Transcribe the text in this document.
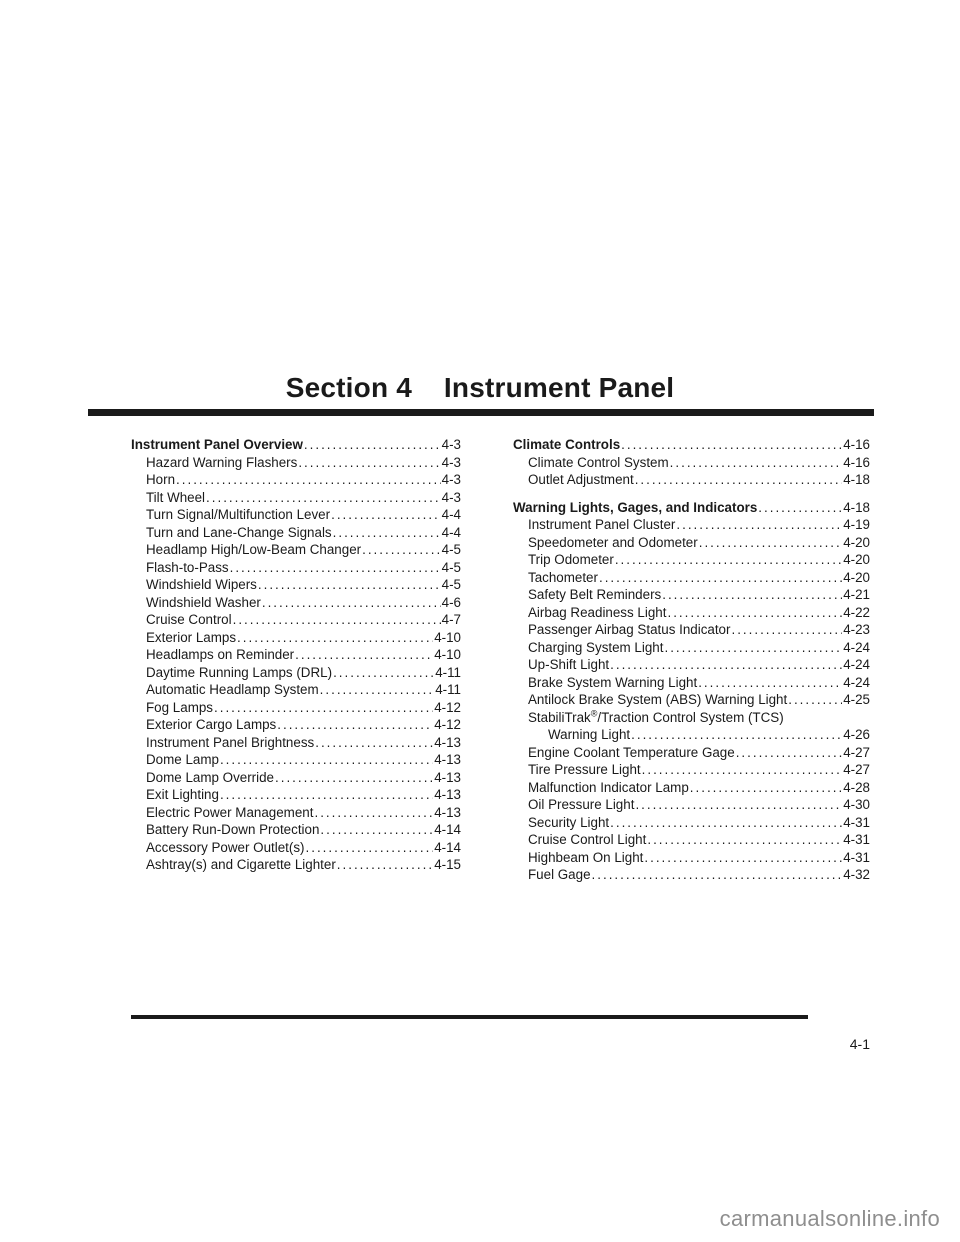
Section 4    Instrument Panel
Instrument Panel Overview .....	4-3
Hazard Warning Flashers .....	4-3
Horn .....	4-3
Tilt Wheel .....	4-3
Turn Signal/Multifunction Lever .....	4-4
Turn and Lane-Change Signals .....	4-4
Headlamp High/Low-Beam Changer .....	4-5
Flash-to-Pass .....	4-5
Windshield Wipers .....	4-5
Windshield Washer .....	4-6
Cruise Control .....	4-7
Exterior Lamps .....	4-10
Headlamps on Reminder .....	4-10
Daytime Running Lamps (DRL) .....	4-11
Automatic Headlamp System .....	4-11
Fog Lamps .....	4-12
Exterior Cargo Lamps .....	4-12
Instrument Panel Brightness .....	4-13
Dome Lamp .....	4-13
Dome Lamp Override .....	4-13
Exit Lighting .....	4-13
Electric Power Management .....	4-13
Battery Run-Down Protection .....	4-14
Accessory Power Outlet(s) .....	4-14
Ashtray(s) and Cigarette Lighter .....	4-15
Climate Controls .....	4-16
Climate Control System .....	4-16
Outlet Adjustment .....	4-18
Warning Lights, Gages, and Indicators .....	4-18
Instrument Panel Cluster .....	4-19
Speedometer and Odometer .....	4-20
Trip Odometer .....	4-20
Tachometer .....	4-20
Safety Belt Reminders .....	4-21
Airbag Readiness Light .....	4-22
Passenger Airbag Status Indicator .....	4-23
Charging System Light .....	4-24
Up-Shift Light .....	4-24
Brake System Warning Light .....	4-24
Antilock Brake System (ABS) Warning Light .....	4-25
StabiliTrak®/Traction Control System (TCS)
Warning Light .....	4-26
Engine Coolant Temperature Gage .....	4-27
Tire Pressure Light .....	4-27
Malfunction Indicator Lamp .....	4-28
Oil Pressure Light .....	4-30
Security Light .....	4-31
Cruise Control Light .....	4-31
Highbeam On Light .....	4-31
Fuel Gage .....	4-32
4-1
carmanualsonline.info
